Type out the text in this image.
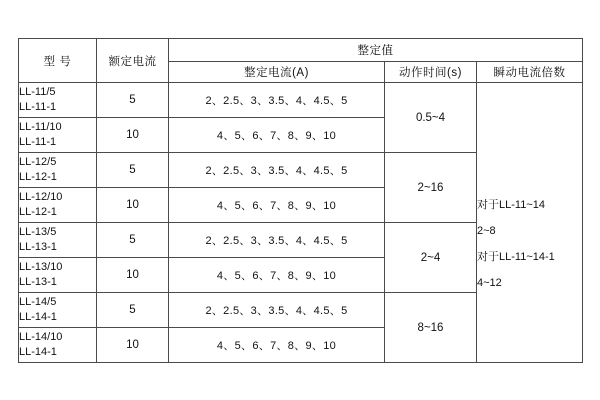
型 号	额定电流	整定值		
		整定电流(A)	动作时间(s)	瞬动电流倍数

LL-11/5
LL-11-1	5	2、2.5、3、3.5、4、4.5、5	0.5~4	对于LL-11~14
2~8
对于LL-11~14-1
4~12

LL-11/10
LL-11-1	10	4、5、6、7、8、9、10		

LL-12/5
LL-12-1	5	2、2.5、3、3.5、4、4.5、5	2~16	

LL-12/10
LL-12-1	10	4、5、6、7、8、9、10		

LL-13/5
LL-13-1	5	2、2.5、3、3.5、4、4.5、5	2~4	

LL-13/10
LL-13-1	10	4、5、6、7、8、9、10		

LL-14/5
LL-14-1	5	2、2.5、3、3.5、4、4.5、5	8~16	

LL-14/10
LL-14-1	10	4、5、6、7、8、9、10		
